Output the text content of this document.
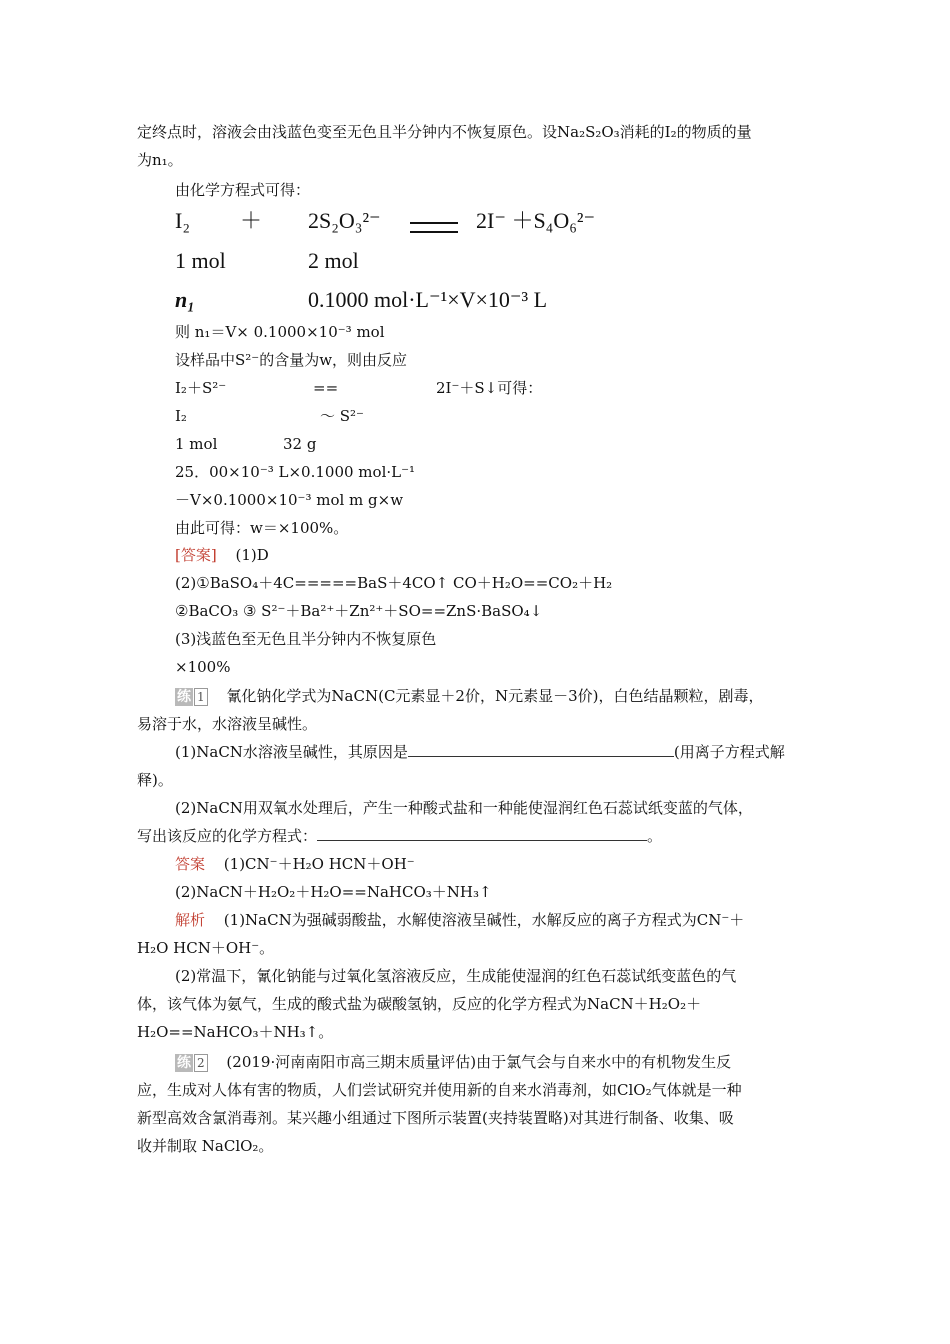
定终点时，溶液会由浅蓝色变至无色且半分钟内不恢复原色。设Na₂S₂O₃消耗的I₂的物质的量
为n₁。
由化学方程式可得：
I₂ ＋ 2S₂O₃²⁻	2I⁻ ＋S₄O₆²⁻
1 mol	2 mol
n₁	0.1000 mol·L⁻¹×V×10⁻³ L
则 n₁＝V× 0.1000×10⁻³ mol
设样品中S²⁻的含量为w，则由反应
I₂＋S²⁻	==	2I⁻＋S↓可得：
I₂	～ S²⁻
1 mol	32 g
25．00×10⁻³ L×0.1000 mol·L⁻¹
－V×0.1000×10⁻³ mol m g×w
由此可得：w＝×100%。
[答案] (1)D
(2)①BaSO₄＋4C=====BaS＋4CO↑ CO＋H₂O==CO₂＋H₂
②BaCO₃ ③ S²⁻＋Ba²⁺＋Zn²⁺＋SO==ZnS·BaSO₄↓
(3)浅蓝色至无色且半分钟内不恢复原色
×100%
练 1 氰化钠化学式为NaCN(C元素显＋2价，N元素显－3价)，白色结晶颗粒，剧毒，
易溶于水，水溶液呈碱性。
(1)NaCN水溶液呈碱性，其原因是	(用离子方程式解
释)。
(2)NaCN用双氧水处理后，产生一种酸式盐和一种能使湿润红色石蕊试纸变蓝的气体，
写出该反应的化学方程式：	。
答案 (1)CN⁻＋H₂O HCN＋OH⁻
(2)NaCN＋H₂O₂＋H₂O==NaHCO₃＋NH₃↑
解析 (1)NaCN为强碱弱酸盐，水解使溶液呈碱性，水解反应的离子方程式为CN⁻＋
H₂O HCN＋OH⁻。
(2)常温下，氰化钠能与过氧化氢溶液反应，生成能使湿润的红色石蕊试纸变蓝色的气
体，该气体为氨气，生成的酸式盐为碳酸氢钠，反应的化学方程式为NaCN＋H₂O₂＋
H₂O==NaHCO₃＋NH₃↑。
练 2 (2019·河南南阳市高三期末质量评估)由于氯气会与自来水中的有机物发生反
应，生成对人体有害的物质，人们尝试研究并使用新的自来水消毒剂，如ClO₂气体就是一种
新型高效含氯消毒剂。某兴趣小组通过下图所示装置(夹持装置略)对其进行制备、收集、吸
收并制取 NaClO₂。
